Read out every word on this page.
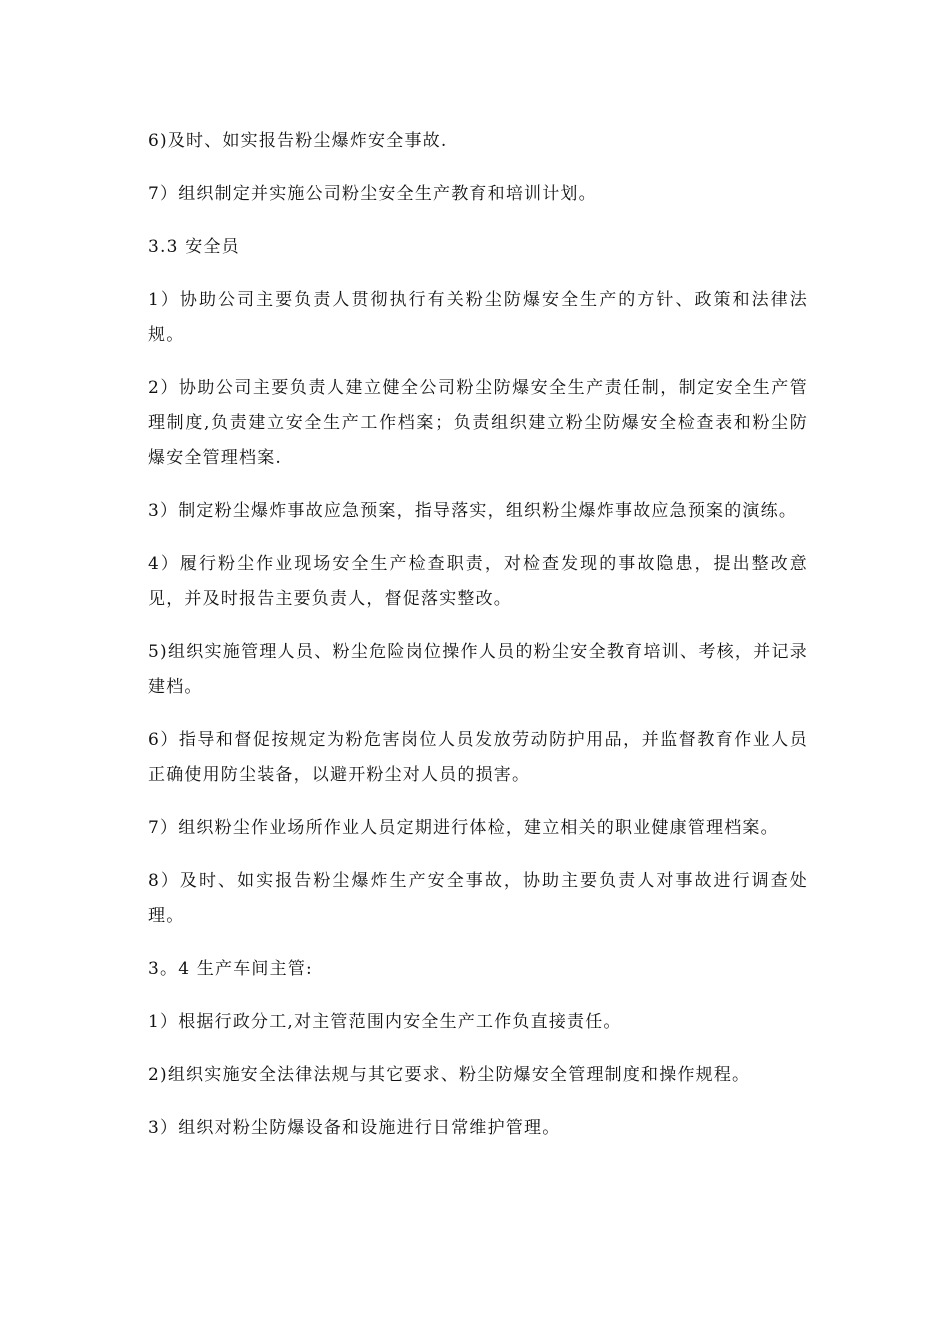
6)及时、如实报告粉尘爆炸安全事故.

7）组织制定并实施公司粉尘安全生产教育和培训计划。

3.3 安全员

1）协助公司主要负责人贯彻执行有关粉尘防爆安全生产的方针、政策和法律法规。

2）协助公司主要负责人建立健全公司粉尘防爆安全生产责任制，制定安全生产管理制度,负责建立安全生产工作档案；负责组织建立粉尘防爆安全检查表和粉尘防爆安全管理档案.

3）制定粉尘爆炸事故应急预案，指导落实，组织粉尘爆炸事故应急预案的演练。

4）履行粉尘作业现场安全生产检查职责，对检查发现的事故隐患，提出整改意见，并及时报告主要负责人，督促落实整改。

5)组织实施管理人员、粉尘危险岗位操作人员的粉尘安全教育培训、考核，并记录建档。

6）指导和督促按规定为粉危害岗位人员发放劳动防护用品，并监督教育作业人员正确使用防尘装备，以避开粉尘对人员的损害。

7）组织粉尘作业场所作业人员定期进行体检，建立相关的职业健康管理档案。

8）及时、如实报告粉尘爆炸生产安全事故，协助主要负责人对事故进行调查处理。

3。4 生产车间主管:

1）根据行政分工,对主管范围内安全生产工作负直接责任。

2)组织实施安全法律法规与其它要求、粉尘防爆安全管理制度和操作规程。

3）组织对粉尘防爆设备和设施进行日常维护管理。
